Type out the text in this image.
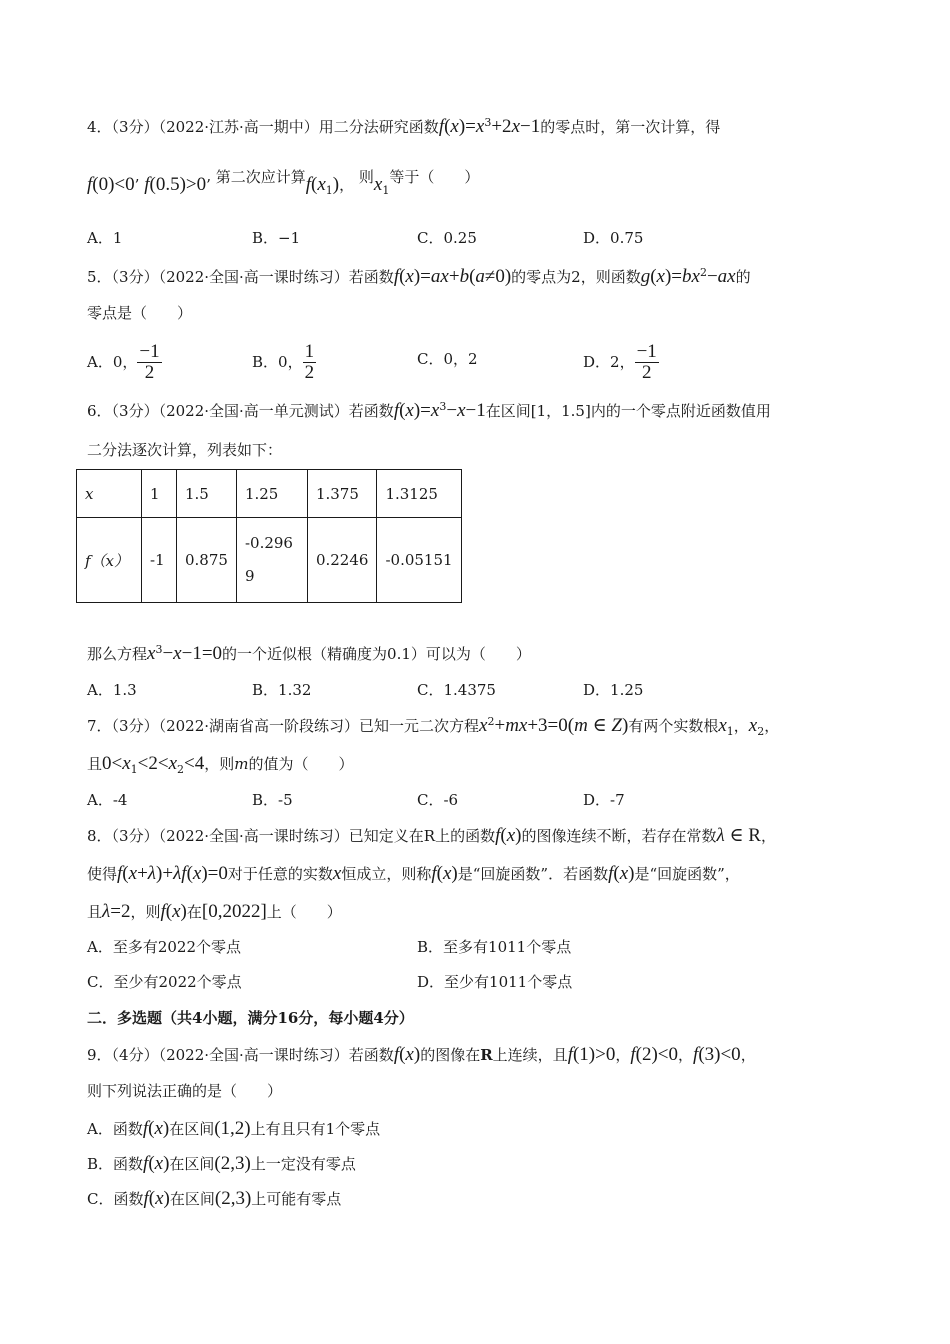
4．（3分）（2022·江苏·高一期中）用二分法研究函数$f(x)=x^3+2x-1$的零点时，第一次计算，得
f(0)<0’ f(0.5)>0’ 第二次应计算$f(x_1)$， 则$x_1$等于（　　）
A．1	B．−1	C．0.25	D．0.75
5．（3分）（2022·全国·高一课时练习）若函数f(x)=ax+b(a≠0)的零点为2，则函数$g(x)=bx^2-ax$的
零点是（　　）
A．0， $\frac{-1}{2}$	B．0， $\frac{1}{2}$	C．0，2	D．2， $\frac{-1}{2}$
6．（3分）（2022·全国·高一单元测试）若函数$f(x)=x^3-x-1$在区间[1，1.5]内的一个零点附近函数值用
二分法逐次计算，列表如下：
x	1	1.5	1.25	1.375	1.3125
f（x）	-1	0.875	-0.2969	0.2246	-0.05151
那么方程$x^3-x-1=0$的一个近似根（精确度为0.1）可以为（　　）
A．1.3	B．1.32	C．1.4375	D．1.25
7．（3分）（2022·湖南省高一阶段练习）已知一元二次方程$x^2+mx+3=0(m$ ∈ Z)有两个实数根$x_1$，$x_2$，
且$0<x_1<2<x_2<4$，则m的值为（　　）
A．-4	B．-5	C．-6	D．-7
8．（3分）（2022·全国·高一课时练习）已知定义在R上的函数f(x)的图像连续不断，若存在常数λ ∈ R，
使得f(x+λ)+λf(x)=0对于任意的实数x恒成立，则称f(x)是“回旋函数”．若函数f(x)是“回旋函数”，
且λ=2，则f(x)在[0,2022]上（　　）
A．至多有2022个零点	B．至多有1011个零点
C．至少有2022个零点	D．至少有1011个零点
二．多选题（共4小题，满分16分，每小题4分）
9．（4分）（2022·全国·高一课时练习）若函数f(x)的图像在R上连续，且f(1)>0，f(2)<0，f(3)<0，
则下列说法正确的是（　　）
A．函数f(x)在区间(1,2)上有且只有1个零点
B．函数f(x)在区间(2,3)上一定没有零点
C．函数f(x)在区间(2,3)上可能有零点
